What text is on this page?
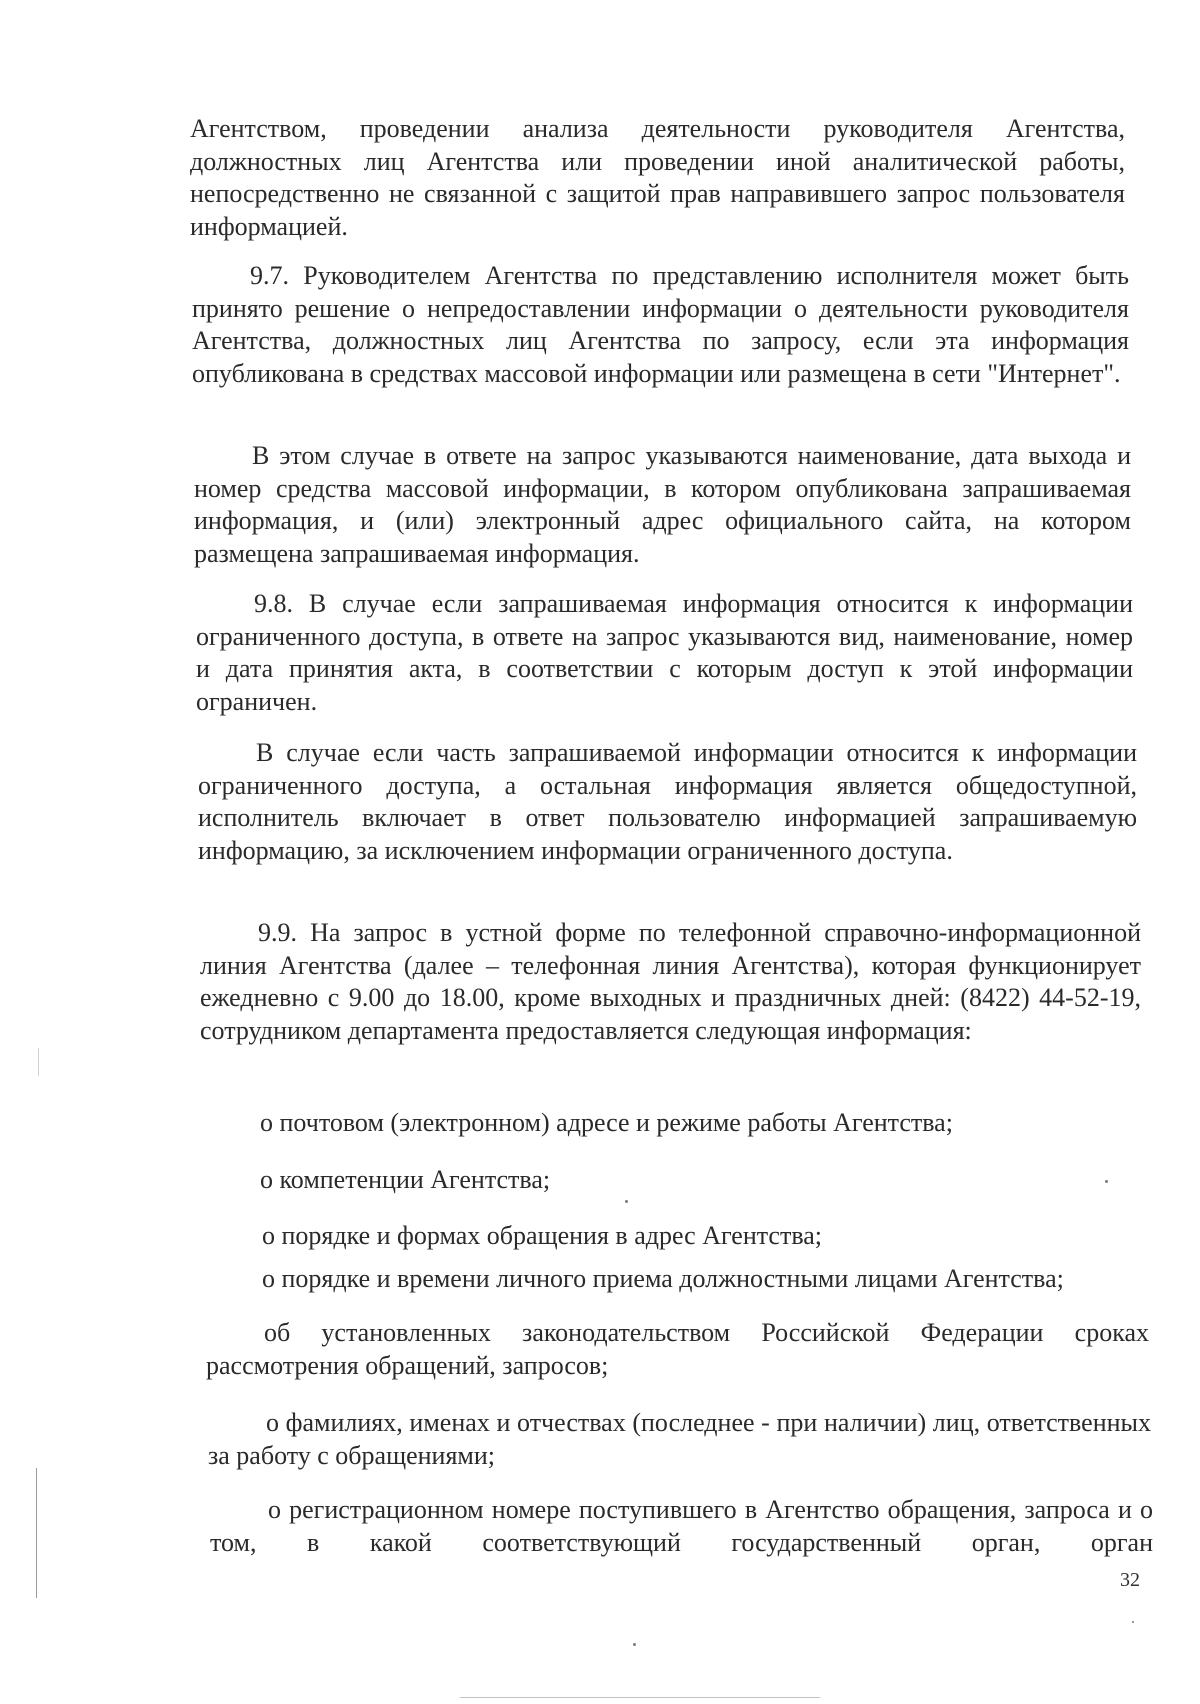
Агентством, проведении анализа деятельности руководителя Агентства, должностных лиц Агентства или проведении иной аналитической работы, непосредственно не связанной с защитой прав направившего запрос пользователя информацией.

9.7. Руководителем Агентства по представлению исполнителя может быть принято решение о непредоставлении информации о деятельности руководителя Агентства, должностных лиц Агентства по запросу, если эта информация опубликована в средствах массовой информации или размещена в сети "Интернет".

В этом случае в ответе на запрос указываются наименование, дата выхода и номер средства массовой информации, в котором опубликована запрашиваемая информация, и (или) электронный адрес официального сайта, на котором размещена запрашиваемая информация.

9.8. В случае если запрашиваемая информация относится к информации ограниченного доступа, в ответе на запрос указываются вид, наименование, номер и дата принятия акта, в соответствии с которым доступ к этой информации ограничен.

В случае если часть запрашиваемой информации относится к информации ограниченного доступа, а остальная информация является общедоступной, исполнитель включает в ответ пользователю информацией запрашиваемую информацию, за исключением информации ограниченного доступа.

9.9. На запрос в устной форме по телефонной справочно-информационной линия Агентства (далее – телефонная линия Агентства), которая функционирует ежедневно с 9.00 до 18.00, кроме выходных и праздничных дней: (8422) 44-52-19, сотрудником департамента предоставляется следующая информация:

о почтовом (электронном) адресе и режиме работы Агентства;

о компетенции Агентства;

о порядке и формах обращения в адрес Агентства;

о порядке и времени личного приема должностными лицами Агентства;

об установленных законодательством Российской Федерации сроках рассмотрения обращений, запросов;

о фамилиях, именах и отчествах (последнее - при наличии) лиц, ответственных за работу с обращениями;

о регистрационном номере поступившего в Агентство обращения, запроса и о том, в какой соответствующий государственный орган, орган

32
